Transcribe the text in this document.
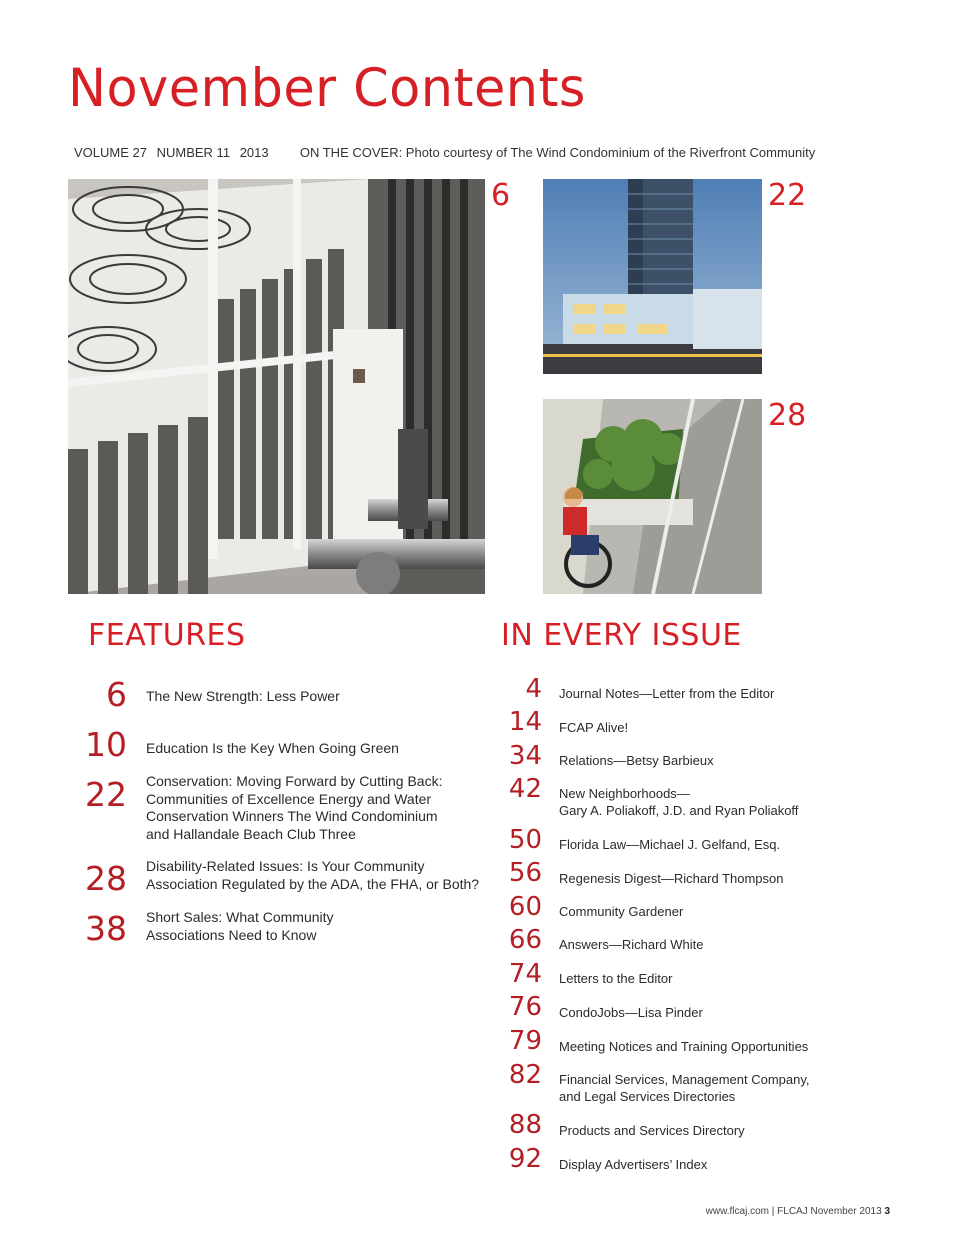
November Contents
VOLUME 27 NUMBER 11 2013 ON THE COVER: Photo courtesy of The Wind Condominium of the Riverfront Community
6	22
28
FEATURES
6 The New Strength: Less Power
10 Education Is the Key When Going Green
22 Conservation: Moving Forward by Cutting Back:
Communities of Excellence Energy and Water
Conservation Winners The Wind Condominium
and Hallandale Beach Club Three
28 Disability-Related Issues: Is Your Community
Association Regulated by the ADA, the FHA, or Both?
38 Short Sales: What Community
Associations Need to Know
IN EVERY ISSUE
4 Journal Notes—Letter from the Editor
14 FCAP Alive!
34 Relations—Betsy Barbieux
42 New Neighborhoods—
Gary A. Poliakoff, J.D. and Ryan Poliakoff
50 Florida Law—Michael J. Gelfand, Esq.
56 Regenesis Digest—Richard Thompson
60 Community Gardener
66 Answers—Richard White
74 Letters to the Editor
76 CondoJobs—Lisa Pinder
79 Meeting Notices and Training Opportunities
82 Financial Services, Management Company,
and Legal Services Directories
88 Products and Services Directory
92 Display Advertisers’ Index
www.flcaj.com | FLCAJ November 2013 3
